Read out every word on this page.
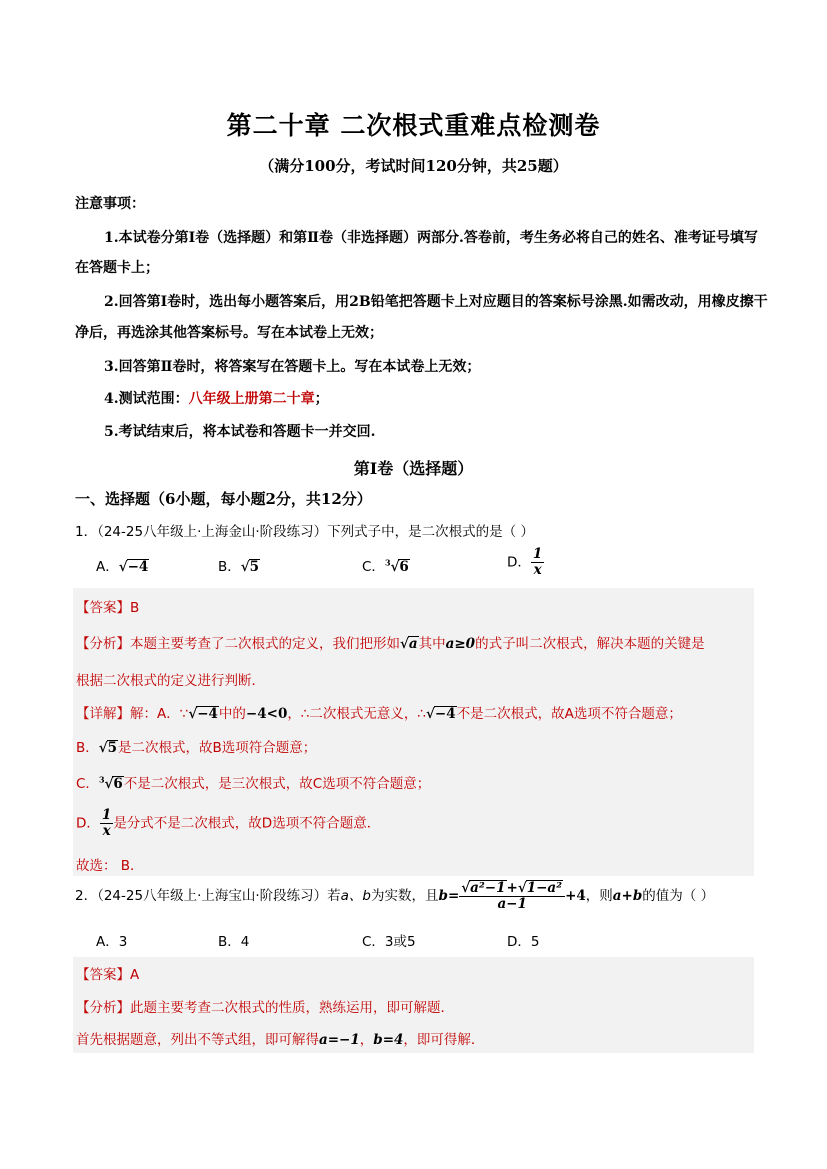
第二十章 二次根式重难点检测卷
（满分100分，考试时间120分钟，共25题）
注意事项：
1.本试卷分第Ⅰ卷（选择题）和第Ⅱ卷（非选择题）两部分.答卷前，考生务必将自己的姓名、准考证号填写
在答题卡上；
2.回答第Ⅰ卷时，选出每小题答案后，用2B铅笔把答题卡上对应题目的答案标号涂黑.如需改动，用橡皮擦干
净后，再选涂其他答案标号。写在本试卷上无效；
3.回答第Ⅱ卷时，将答案写在答题卡上。写在本试卷上无效；
4.测试范围：八年级上册第二十章；
5.考试结束后，将本试卷和答题卡一并交回.
第Ⅰ卷（选择题）
一、选择题（6小题，每小题2分，共12分）
1．（24-25八年级上·上海金山·阶段练习）下列式子中，是二次根式的是（ ）
A．√−4	B．√5	C．$^3$√6	D． $\frac{1}{x}$
【答案】B
【分析】本题主要考查了二次根式的定义，我们把形如√a其中a≥0的式子叫二次根式，解决本题的关键是
根据二次根式的定义进行判断．
【详解】解：A．∵√−4中的−4<0，∴二次根式无意义，∴√−4不是二次根式，故A选项不符合题意；
B．√5是二次根式，故B选项符合题意；
C．$^3$√6不是二次根式，是三次根式，故C选项不符合题意；
D． $\frac{1}{x}$ 是分式不是二次根式，故D选项不符合题意．
故选： B．
2．（24-25八年级上·上海宝山·阶段练习）若a、b为实数，且$b= \frac{\text{√a²−1+√1−a²}}{a-1} +4$，则a+b的值为（ ）
A．3	B．4	C．3或5	D．5
【答案】A
【分析】此题主要考查二次根式的性质，熟练运用，即可解题．
首先根据题意，列出不等式组，即可解得a=−1，b=4，即可得解．
